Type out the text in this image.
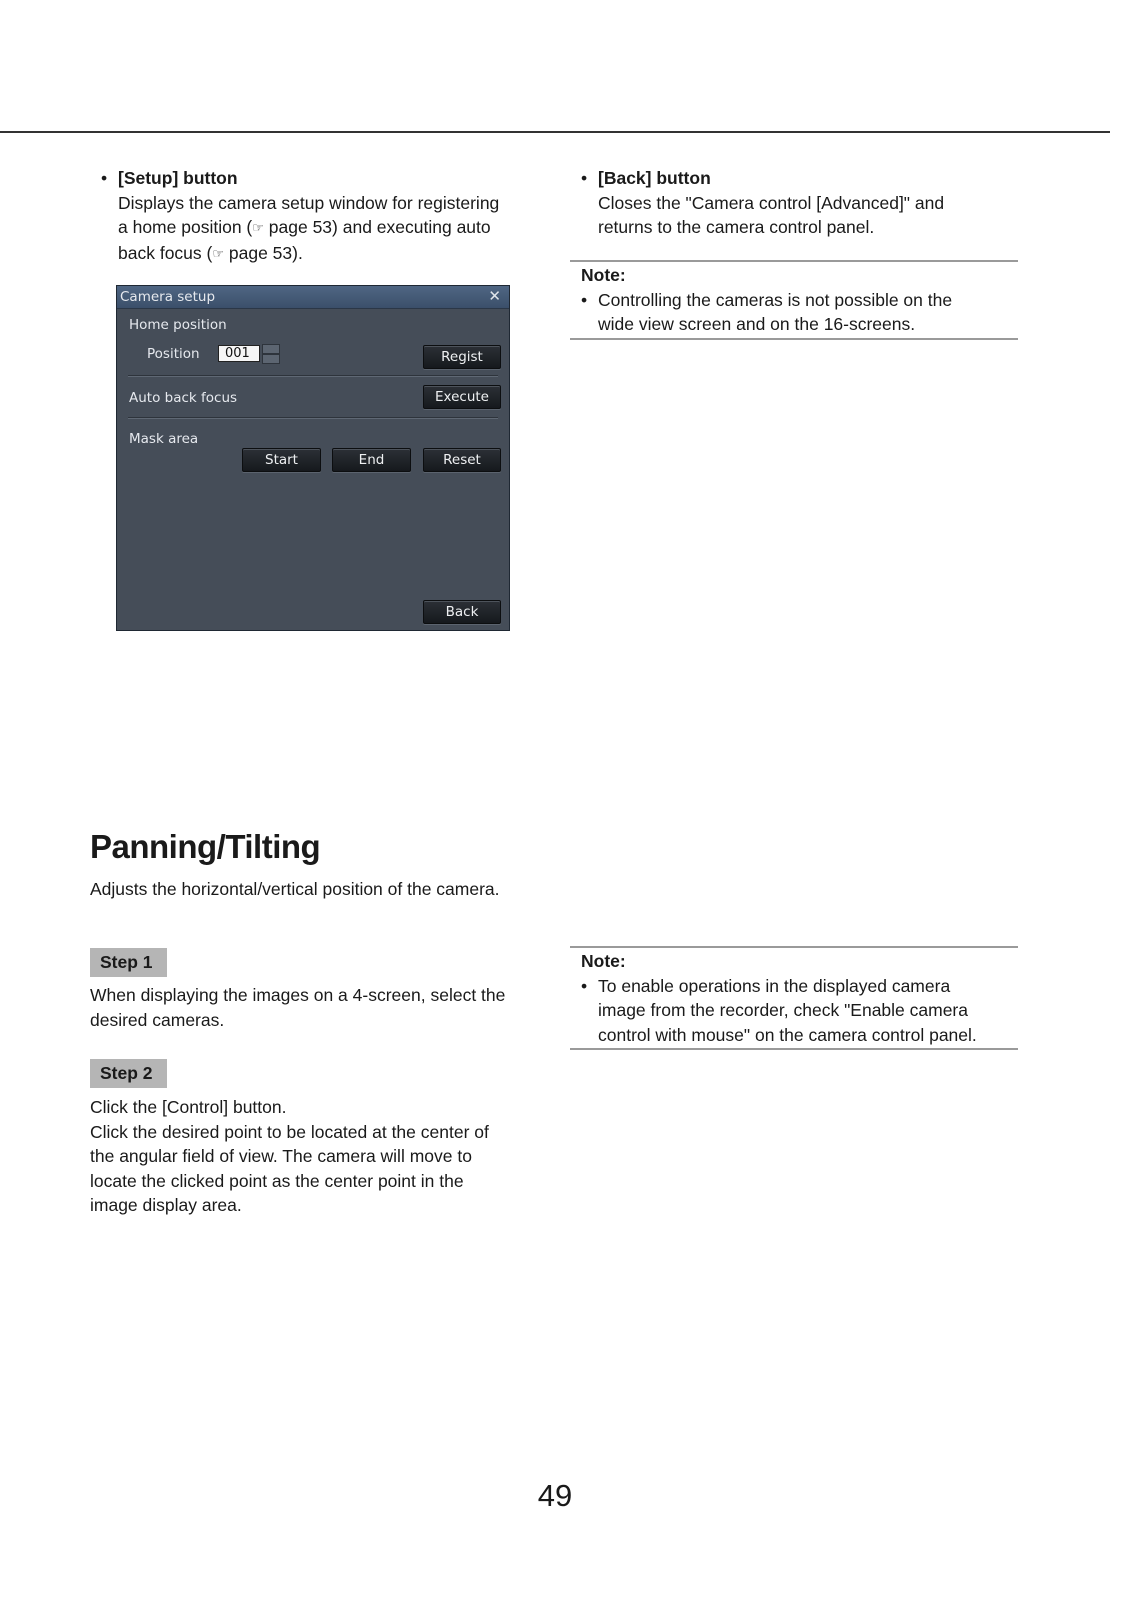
• [Setup] button

Displays the camera setup window for registering

a home position (☞ page 53) and executing auto

back focus (☞ page 53).

• [Back] button

Closes the "Camera control [Advanced]" and

returns to the camera control panel.

Note:
• Controlling the cameras is not possible on the
wide view screen and on the 16-screens.
Camera setup	✕
Home position
Position	001	Regist
Auto back focus	Execute
Mask area
Start	End	Reset
Back
Panning/Tilting
Adjusts the horizontal/vertical position of the camera.
Step 1

When displaying the images on a 4-screen, select the

desired cameras.

Step 2

Click the [Control] button.

Click the desired point to be located at the center of

the angular field of view. The camera will move to

locate the clicked point as the center point in the

image display area.

Note:
• To enable operations in the displayed camera
image from the recorder, check "Enable camera
control with mouse" on the camera control panel.
49
